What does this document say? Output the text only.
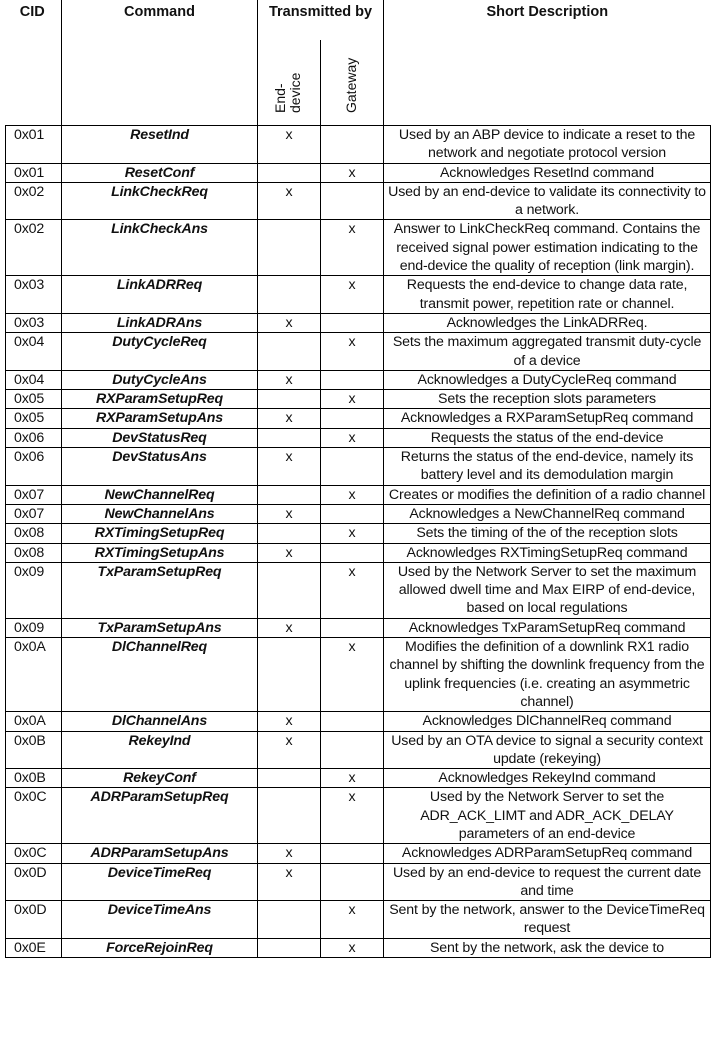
CID	Command	Transmitted by		Short Description

		End-
device	Gateway	

0x01	ResetInd	x		Used by an ABP device to indicate a reset to the network and negotiate protocol version
0x01	ResetConf		x	Acknowledges ResetInd command
0x02	LinkCheckReq	x		Used by an end-device to validate its connectivity to a network.
0x02	LinkCheckAns		x	Answer to LinkCheckReq command. Contains the received signal power estimation indicating to the end-device the quality of reception (link margin).
0x03	LinkADRReq		x	Requests the end-device to change data rate, transmit power, repetition rate or channel.
0x03	LinkADRAns	x		Acknowledges the LinkADRReq.
0x04	DutyCycleReq		x	Sets the maximum aggregated transmit duty-cycle of a device
0x04	DutyCycleAns	x		Acknowledges a DutyCycleReq command
0x05	RXParamSetupReq		x	Sets the reception slots parameters
0x05	RXParamSetupAns	x		Acknowledges a RXParamSetupReq command
0x06	DevStatusReq		x	Requests the status of the end-device
0x06	DevStatusAns	x		Returns the status of the end-device, namely its battery level and its demodulation margin
0x07	NewChannelReq		x	Creates or modifies the definition of a radio channel
0x07	NewChannelAns	x		Acknowledges a NewChannelReq command
0x08	RXTimingSetupReq		x	Sets the timing of the of the reception slots
0x08	RXTimingSetupAns	x		Acknowledges RXTimingSetupReq command
0x09	TxParamSetupReq		x	Used by the Network Server to set the maximum allowed dwell time and Max EIRP of end-device, based on local regulations
0x09	TxParamSetupAns	x		Acknowledges TxParamSetupReq command
0x0A	DlChannelReq		x	Modifies the definition of a downlink RX1 radio channel by shifting the downlink frequency from the uplink frequencies (i.e. creating an asymmetric channel)
0x0A	DlChannelAns	x		Acknowledges DlChannelReq command
0x0B	RekeyInd	x		Used by an OTA device to signal a security context update (rekeying)
0x0B	RekeyConf		x	Acknowledges RekeyInd command
0x0C	ADRParamSetupReq		x	Used by the Network Server to set the ADR_ACK_LIMT and ADR_ACK_DELAY parameters of an end-device
0x0C	ADRParamSetupAns	x		Acknowledges ADRParamSetupReq command
0x0D	DeviceTimeReq	x		Used by an end-device to request the current date and time
0x0D	DeviceTimeAns		x	Sent by the network, answer to the DeviceTimeReq request
0x0E	ForceRejoinReq		x	Sent by the network, ask the device to
